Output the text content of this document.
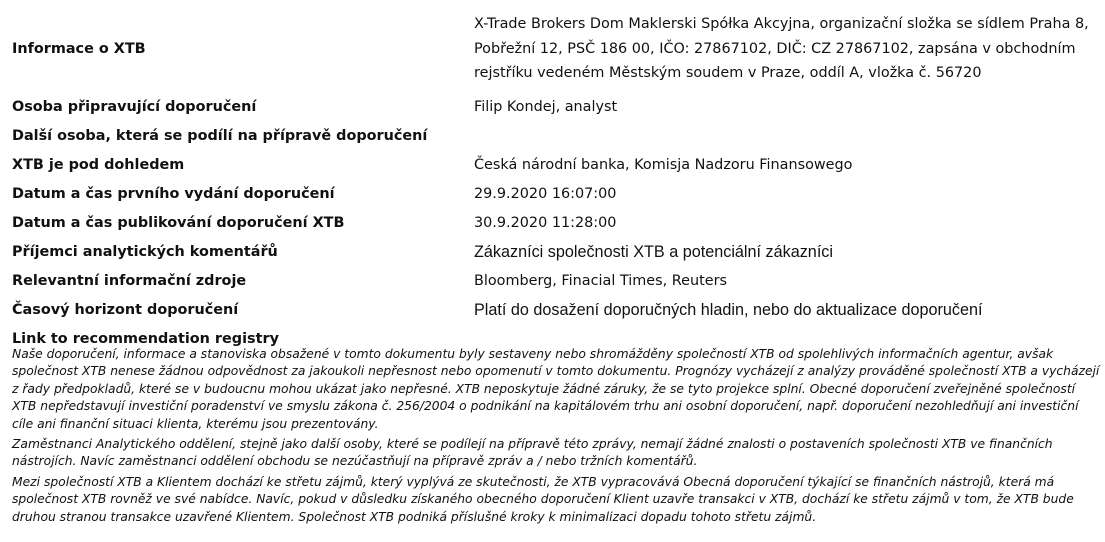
Informace o XTB	X-Trade Brokers Dom Maklerski Spółka Akcyjna, organizační složka se sídlem Praha 8, Pobřežní 12, PSČ 186 00, IČO: 27867102, DIČ: CZ 27867102, zapsána v obchodním rejstříku vedeném Městským soudem v Praze, oddíl A, vložka č. 56720
Osoba připravující doporučení	Filip Kondej, analyst
Další osoba, která se podílí na přípravě doporučení	
XTB je pod dohledem	Česká národní banka, Komisja Nadzoru Finansowego
Datum a čas prvního vydání doporučení	29.9.2020 16:07:00
Datum a čas publikování doporučení XTB	30.9.2020 11:28:00
Příjemci analytických komentářů	Zákazníci společnosti XTB a potenciální zákazníci
Relevantní informační zdroje	Bloomberg, Finacial Times, Reuters
Časový horizont doporučení	Platí do dosažení doporučných hladin, nebo do aktualizace doporučení
Link to recommendation registry	

Naše doporučení, informace a stanoviska obsažené v tomto dokumentu byly sestaveny nebo shromážděny společností XTB od spolehlivých informačních agentur, avšak společnost XTB nenese žádnou odpovědnost za jakoukoli nepřesnost nebo opomenutí v tomto dokumentu. Prognózy vycházejí z analýzy prováděné společností XTB a vycházejí z řady předpokladů, které se v budoucnu mohou ukázat jako nepřesné. XTB neposkytuje žádné záruky, že se tyto projekce splní. Obecné doporučení zveřejněné společností XTB nepředstavují investiční poradenství ve smyslu zákona č. 256/2004 o podnikání na kapitálovém trhu ani osobní doporučení, např. doporučení nezohledňují ani investiční cíle ani finanční situaci klienta, kterému jsou prezentovány.

Zaměstnanci Analytického oddělení, stejně jako další osoby, které se podílejí na přípravě této zprávy, nemají žádné znalosti o postaveních společnosti XTB ve finančních nástrojích. Navíc zaměstnanci oddělení obchodu se nezúčastňují na přípravě zpráv a / nebo tržních komentářů.

Mezi společností XTB a Klientem dochází ke střetu zájmů, který vyplývá ze skutečnosti, že XTB vypracovává Obecná doporučení týkající se finančních nástrojů, která má společnost XTB rovněž ve své nabídce. Navíc, pokud v důsledku získaného obecného doporučení Klient uzavře transakci v XTB, dochází ke střetu zájmů v tom, že XTB bude druhou stranou transakce uzavřené Klientem. Společnost XTB podniká příslušné kroky k minimalizaci dopadu tohoto střetu zájmů.
